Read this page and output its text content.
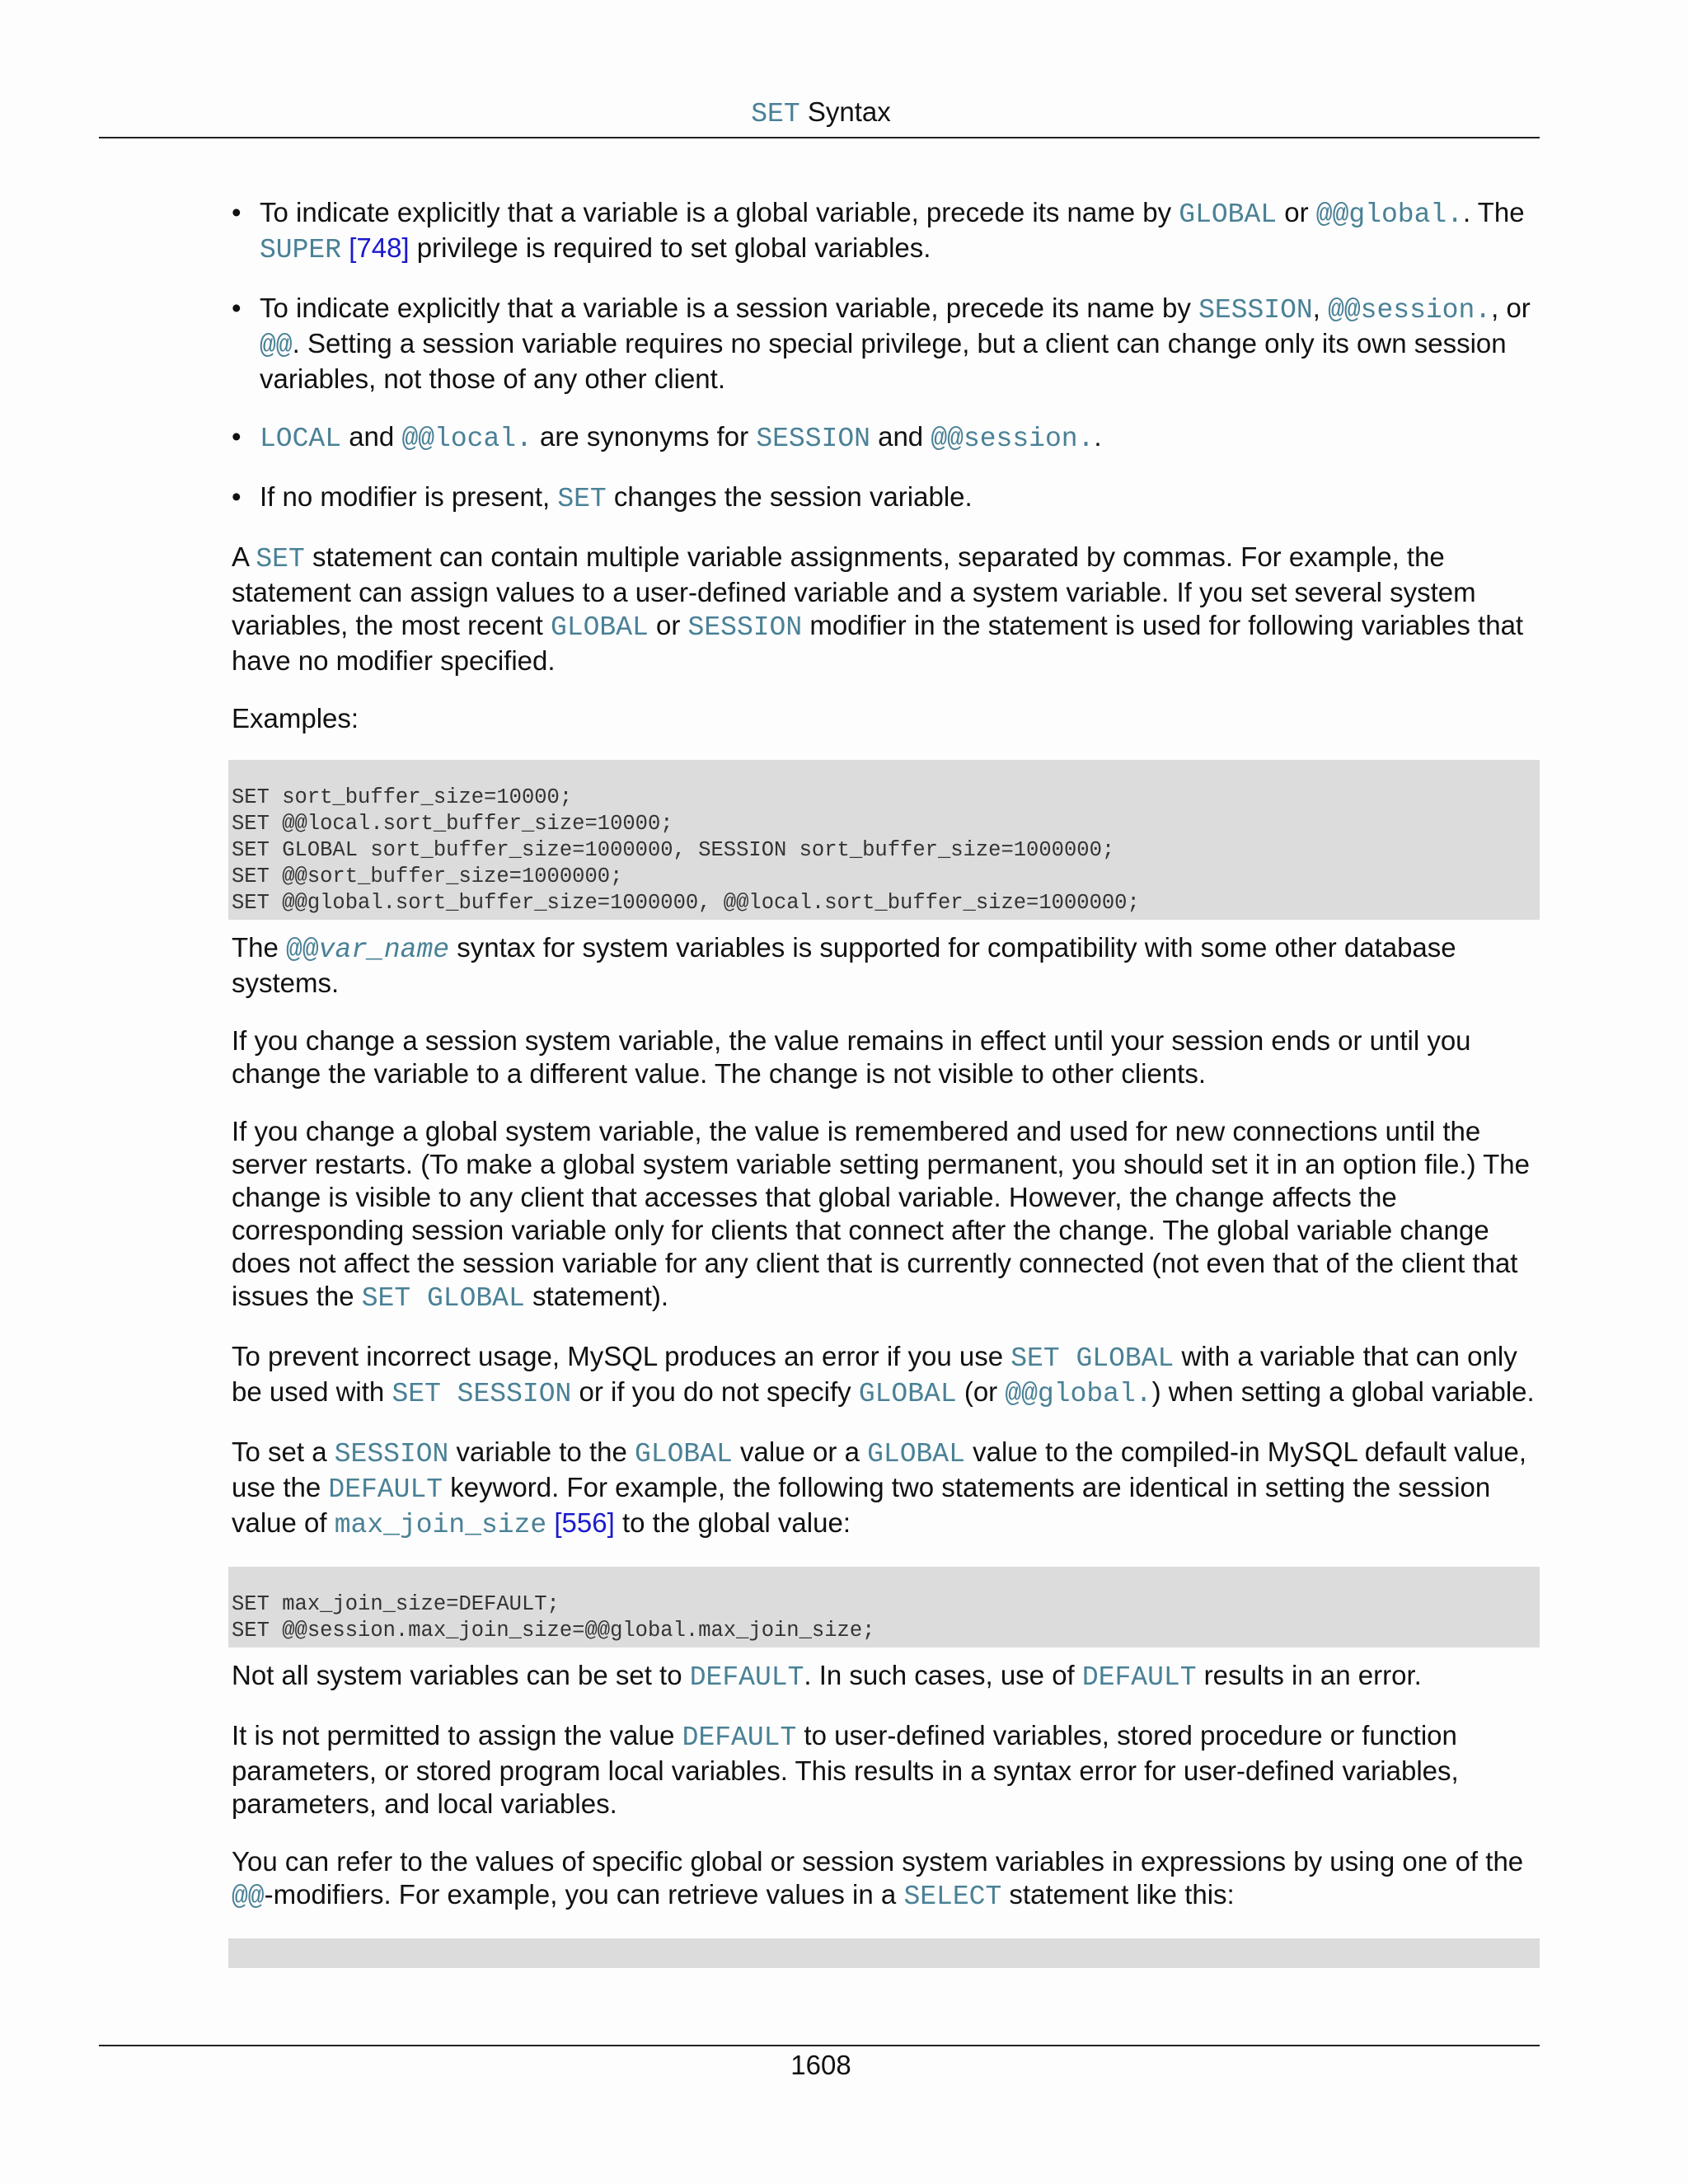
SET Syntax
• To indicate explicitly that a variable is a global variable, precede its name by GLOBAL or @@global.. The SUPER [748] privilege is required to set global variables.
• To indicate explicitly that a variable is a session variable, precede its name by SESSION, @@session., or @@. Setting a session variable requires no special privilege, but a client can change only its own session variables, not those of any other client.
• LOCAL and @@local. are synonyms for SESSION and @@session..
• If no modifier is present, SET changes the session variable.

A SET statement can contain multiple variable assignments, separated by commas. For example, the statement can assign values to a user-defined variable and a system variable. If you set several system variables, the most recent GLOBAL or SESSION modifier in the statement is used for following variables that have no modifier specified.

Examples:

SET sort_buffer_size=10000;
SET @@local.sort_buffer_size=10000;
SET GLOBAL sort_buffer_size=1000000, SESSION sort_buffer_size=1000000;
SET @@sort_buffer_size=1000000;
SET @@global.sort_buffer_size=1000000, @@local.sort_buffer_size=1000000;

The @@var_name syntax for system variables is supported for compatibility with some other database systems.

If you change a session system variable, the value remains in effect until your session ends or until you change the variable to a different value. The change is not visible to other clients.

If you change a global system variable, the value is remembered and used for new connections until the server restarts. (To make a global system variable setting permanent, you should set it in an option file.) The change is visible to any client that accesses that global variable. However, the change affects the corresponding session variable only for clients that connect after the change. The global variable change does not affect the session variable for any client that is currently connected (not even that of the client that issues the SET GLOBAL statement).

To prevent incorrect usage, MySQL produces an error if you use SET GLOBAL with a variable that can only be used with SET SESSION or if you do not specify GLOBAL (or @@global.) when setting a global variable.

To set a SESSION variable to the GLOBAL value or a GLOBAL value to the compiled-in MySQL default value, use the DEFAULT keyword. For example, the following two statements are identical in setting the session value of max_join_size [556] to the global value:

SET max_join_size=DEFAULT;
SET @@session.max_join_size=@@global.max_join_size;

Not all system variables can be set to DEFAULT. In such cases, use of DEFAULT results in an error.

It is not permitted to assign the value DEFAULT to user-defined variables, stored procedure or function parameters, or stored program local variables. This results in a syntax error for user-defined variables, parameters, and local variables.

You can refer to the values of specific global or session system variables in expressions by using one of the @@-modifiers. For example, you can retrieve values in a SELECT statement like this:

1608
